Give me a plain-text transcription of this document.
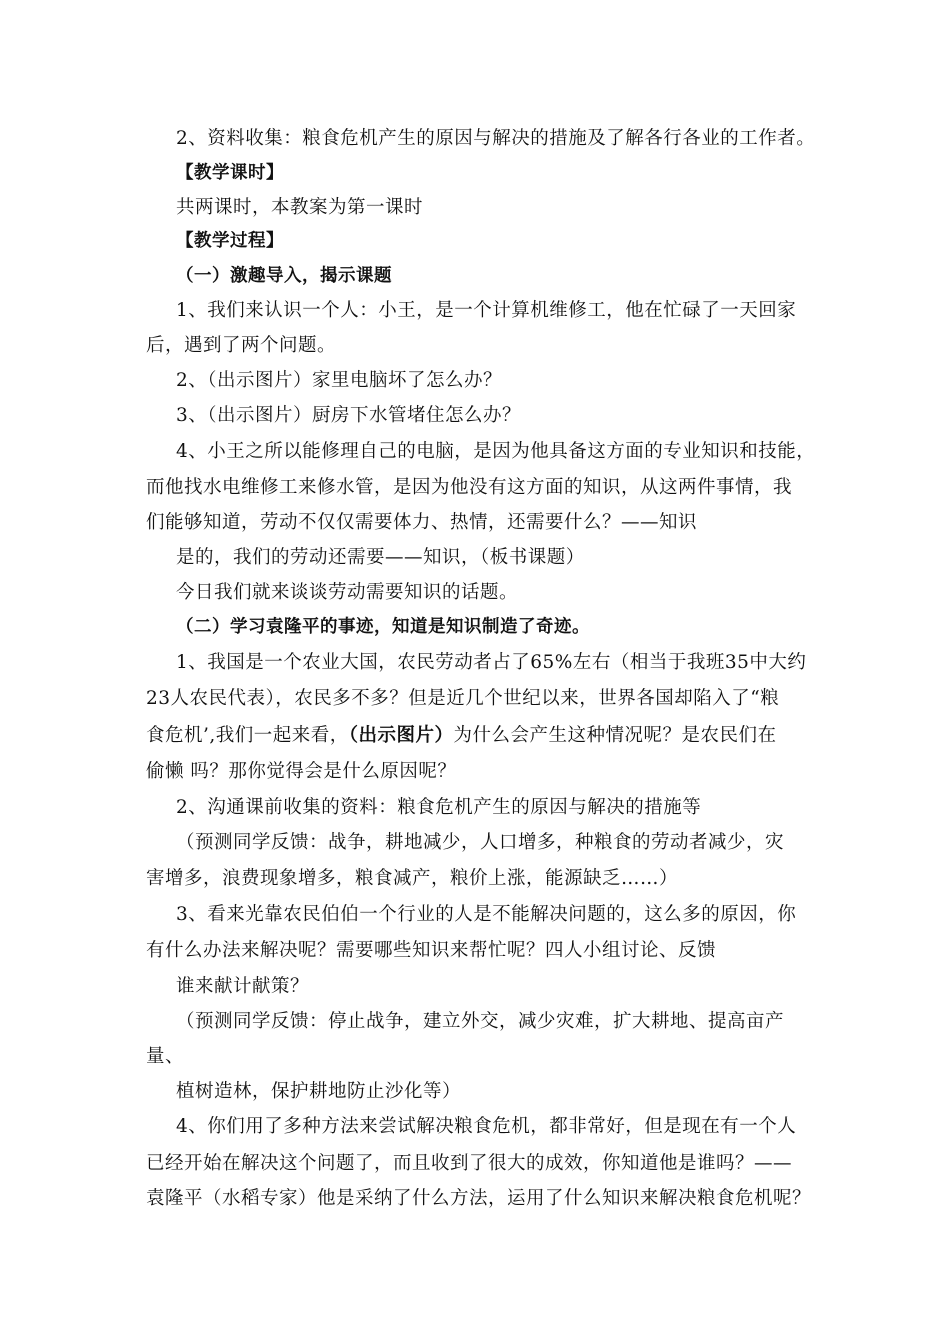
2、资料收集：粮食危机产生的原因与解决的措施及了解各行各业的工作者。
【教学课时】
共两课时，本教案为第一课时
【教学过程】
（一）激趣导入，揭示课题
1、我们来认识一个人：小王，是一个计算机维修工，他在忙碌了一天回家
后，遇到了两个问题。
2、（出示图片）家里电脑坏了怎么办？
3、（出示图片）厨房下水管堵住怎么办？
4、小王之所以能修理自己的电脑，是因为他具备这方面的专业知识和技能，
而他找水电维修工来修水管，是因为他没有这方面的知识，从这两件事情，我
们能够知道，劳动不仅仅需要体力、热情，还需要什么？——知识
是的，我们的劳动还需要——知识，（板书课题）
今日我们就来谈谈劳动需要知识的话题。
（二）学习袁隆平的事迹，知道是知识制造了奇迹。
1、我国是一个农业大国，农民劳动者占了65%左右（相当于我班35中大约
23人农民代表），农民多不多？但是近几个世纪以来，世界各国却陷入了“粮
食危机’,我们一起来看，（出示图片）为什么会产生这种情况呢？是农民们在
偷懒 吗？那你觉得会是什么原因呢？
2、沟通课前收集的资料：粮食危机产生的原因与解决的措施等
（预测同学反馈：战争，耕地减少，人口增多，种粮食的劳动者减少，灾
害增多，浪费现象增多，粮食减产，粮价上涨，能源缺乏……）
3、看来光靠农民伯伯一个行业的人是不能解决问题的，这么多的原因，你
有什么办法来解决呢？需要哪些知识来帮忙呢？四人小组讨论、反馈
谁来献计献策？
（预测同学反馈：停止战争，建立外交，减少灾难，扩大耕地、提高亩产
量、
植树造林，保护耕地防止沙化等）
4、你们用了多种方法来尝试解决粮食危机，都非常好，但是现在有一个人
已经开始在解决这个问题了，而且收到了很大的成效，你知道他是谁吗？——
袁隆平（水稻专家）他是采纳了什么方法，运用了什么知识来解决粮食危机呢？
